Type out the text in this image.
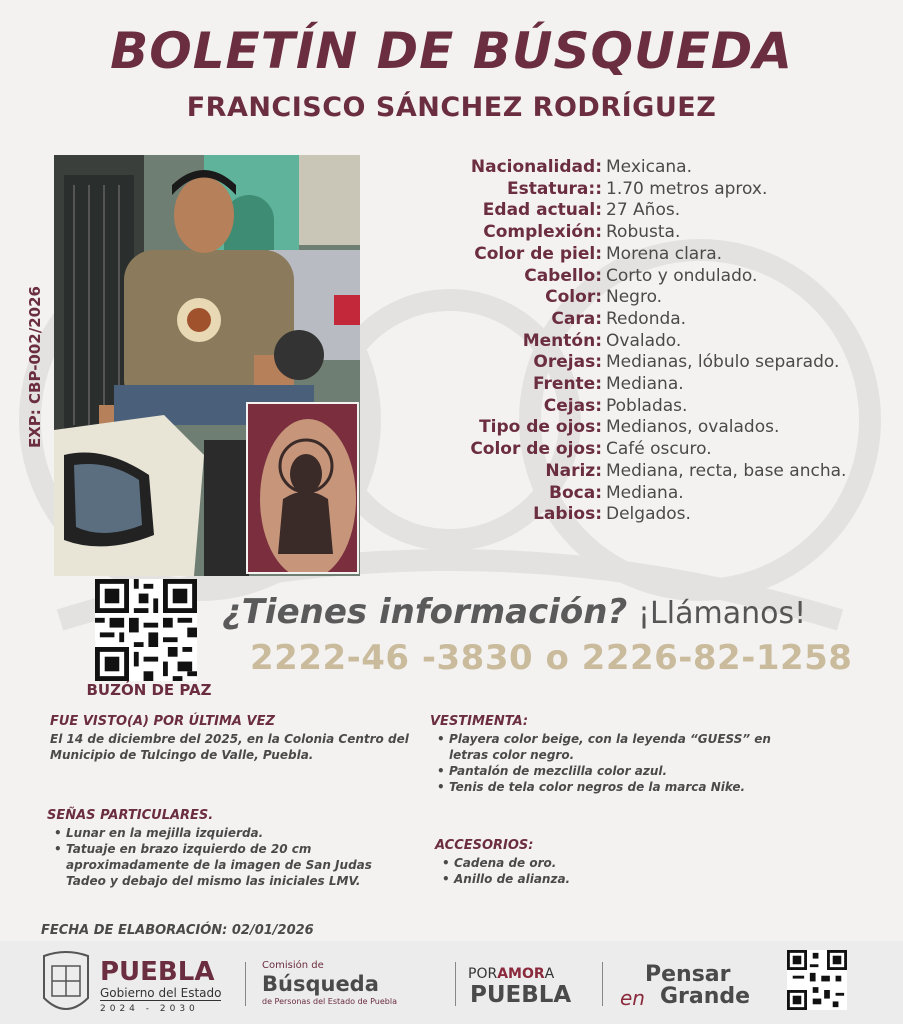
BOLETÍN DE BÚSQUEDA
FRANCISCO SÁNCHEZ RODRÍGUEZ
EXP: CBP-002/2026
Nacionalidad: Mexicana.
Estatura:: 1.70 metros aprox.
Edad actual: 27 Años.
Complexión: Robusta.
Color de piel: Morena clara.
Cabello: Corto y ondulado.
Color: Negro.
Cara: Redonda.
Mentón: Ovalado.
Orejas: Medianas, lóbulo separado.
Frente: Mediana.
Cejas: Pobladas.
Tipo de ojos: Medianos, ovalados.
Color de ojos: Café oscuro.
Nariz: Mediana, recta, base ancha.
Boca: Mediana.
Labios: Delgados.
BUZÓN DE PAZ
¿Tienes información? ¡Llámanos!
2222-46 -3830 o 2226-82-1258
FUE VISTO(A) POR ÚLTIMA VEZ
El 14 de diciembre del 2025, en la Colonia Centro del
Municipio de Tulcingo de Valle, Puebla.
VESTIMENTA:
• Playera color beige, con la leyenda “GUESS” en letras color negro.
• Pantalón de mezclilla color azul.
• Tenis de tela color negros de la marca Nike.
SEÑAS PARTICULARES.
• Lunar en la mejilla izquierda.
• Tatuaje en brazo izquierdo de 20 cm aproximadamente de la imagen de San Judas Tadeo y debajo del mismo las iniciales LMV.
ACCESORIOS:
• Cadena de oro.
• Anillo de alianza.
FECHA DE ELABORACIÓN: 02/01/2026
PUEBLA
Gobierno del Estado
2024 - 2030
Comisión de
Búsqueda
de Personas del Estado de Puebla
PORAMORA
PUEBLA
Pensar
en Grande
